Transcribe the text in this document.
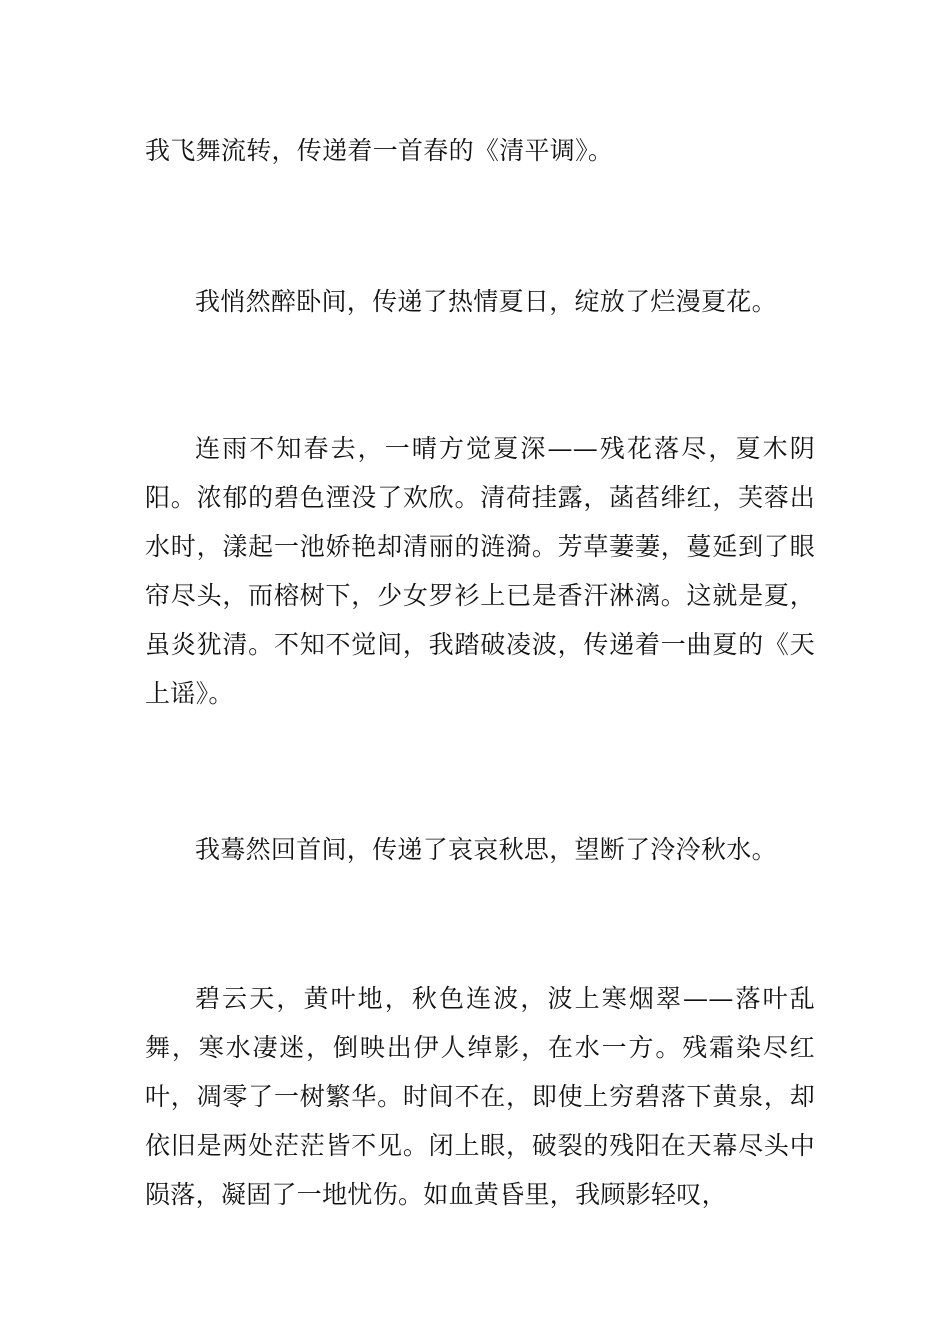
我飞舞流转，传递着一首春的《清平调》。

我悄然醉卧间，传递了热情夏日，绽放了烂漫夏花。

连雨不知春去，一晴方觉夏深——残花落尽，夏木阴阳。浓郁的碧色湮没了欢欣。清荷挂露，菡萏绯红，芙蓉出水时，漾起一池娇艳却清丽的涟漪。芳草萋萋，蔓延到了眼帘尽头，而榕树下，少女罗衫上已是香汗淋漓。这就是夏，虽炎犹清。不知不觉间，我踏破凌波，传递着一曲夏的《天上谣》。

我蓦然回首间，传递了哀哀秋思，望断了泠泠秋水。

碧云天，黄叶地，秋色连波，波上寒烟翠——落叶乱舞，寒水凄迷，倒映出伊人绰影，在水一方。残霜染尽红叶，凋零了一树繁华。时间不在，即使上穷碧落下黄泉，却依旧是两处茫茫皆不见。闭上眼，破裂的残阳在天幕尽头中陨落，凝固了一地忧伤。如血黄昏里，我顾影轻叹，
